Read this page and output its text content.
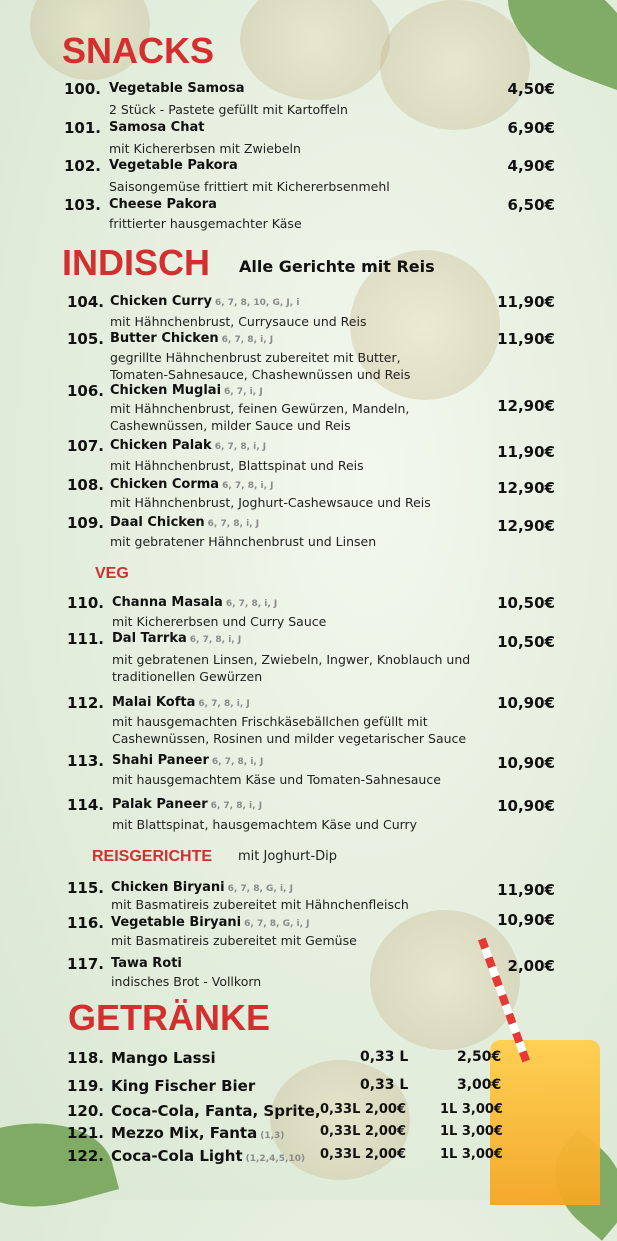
SNACKS
INDISCH Alle Gerichte mit Reis
VEG
REISGERICHTE mit Joghurt-Dip
GETRÄNKE
100. Vegetable Samosa
2 Stück - Pastete gefüllt mit Kartoffeln
4,50€
101. Samosa Chat
mit Kichererbsen mit Zwiebeln
6,90€
102. Vegetable Pakora
Saisongemüse frittiert mit Kichererbsenmehl
4,90€
103. Cheese Pakora
frittierter hausgemachter Käse
6,50€
104. Chicken Curry 6, 7, 8, 10, G, J, i
mit Hähnchenbrust, Currysauce und Reis
11,90€
105. Butter Chicken 6, 7, 8, i, J
gegrillte Hähnchenbrust zubereitet mit Butter, Tomaten-Sahnesauce, Chashewnüssen und Reis
11,90€
106. Chicken Muglai 6, 7, i, J
mit Hähnchenbrust, feinen Gewürzen, Mandeln, Cashewnüssen, milder Sauce und Reis
12,90€
107. Chicken Palak 6, 7, 8, i, J
mit Hähnchenbrust, Blattspinat und Reis
11,90€
108. Chicken Corma 6, 7, 8, i, J
mit Hähnchenbrust, Joghurt-Cashewsauce und Reis
12,90€
109. Daal Chicken 6, 7, 8, i, J
mit gebratener Hähnchenbrust und Linsen
12,90€
110. Channa Masala 6, 7, 8, i, J
mit Kichererbsen und Curry Sauce
10,50€
111. Dal Tarrka 6, 7, 8, i, J
mit gebratenen Linsen, Zwiebeln, Ingwer, Knoblauch und traditionellen Gewürzen
10,50€
112. Malai Kofta 6, 7, 8, i, J
mit hausgemachten Frischkäsebällchen gefüllt mit Cashewnüssen, Rosinen und milder vegetarischer Sauce
10,90€
113. Shahi Paneer 6, 7, 8, i, J
mit hausgemachtem Käse und Tomaten-Sahnesauce
10,90€
114. Palak Paneer 6, 7, 8, i, J
mit Blattspinat, hausgemachtem Käse und Curry
10,90€
115. Chicken Biryani 6, 7, 8, G, i, J
mit Basmatireis zubereitet mit Hähnchenfleisch
11,90€
116. Vegetable Biryani 6, 7, 8, G, i, J
mit Basmatireis zubereitet mit Gemüse
10,90€
117. Tawa Roti
indisches Brot - Vollkorn
2,00€
118. Mango Lassi	0,33 L	2,50€
119. King Fischer Bier	0,33 L	3,00€
120. Coca-Cola, Fanta, Sprite, 0,33L 2,00€	1L 3,00€
121. Mezzo Mix, Fanta (1,3)	0,33L 2,00€	1L 3,00€
122. Coca-Cola Light (1,2,4,5,10) 0,33L 2,00€	1L 3,00€
